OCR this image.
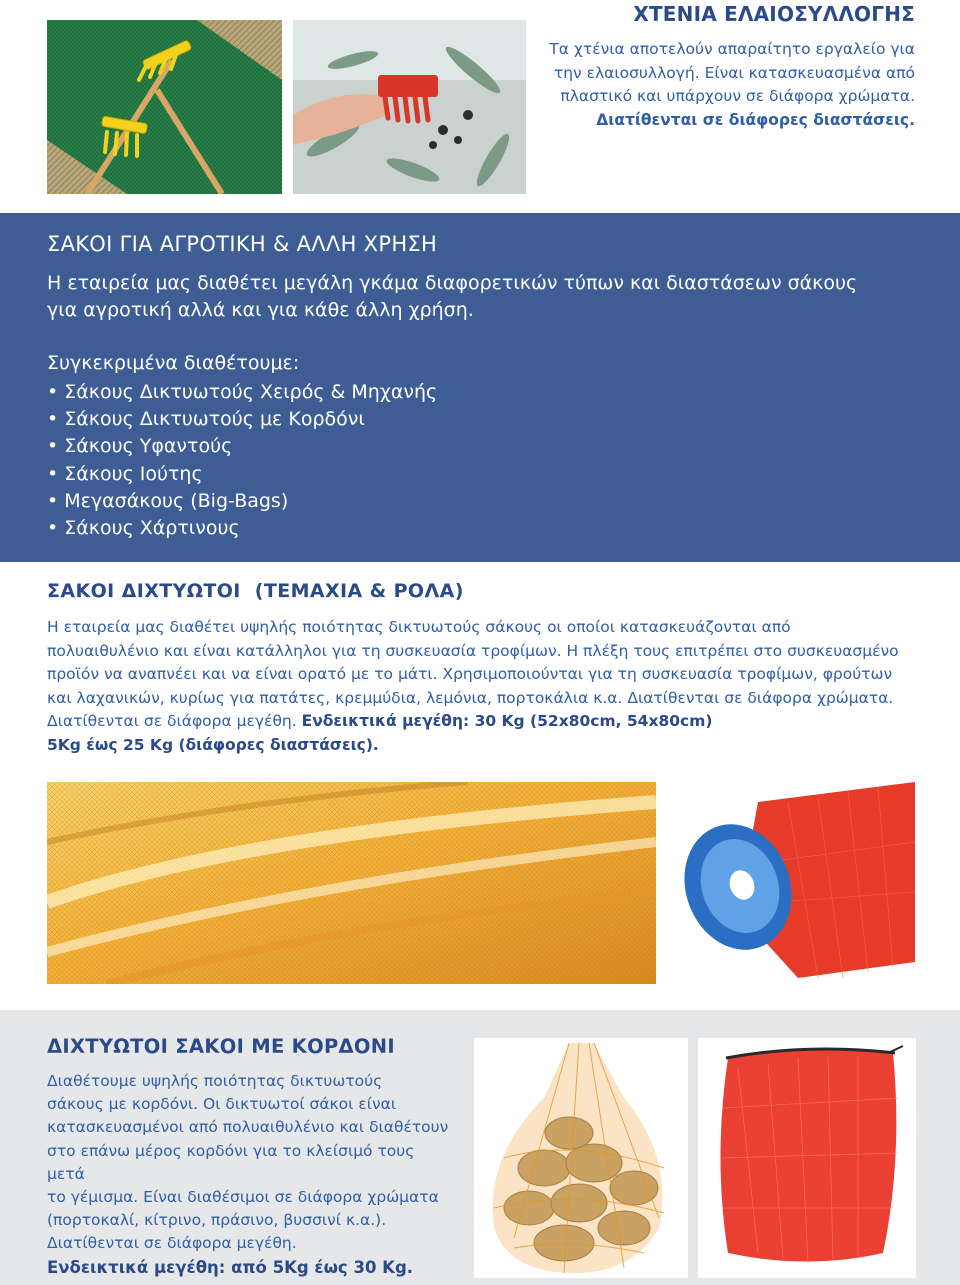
ΧΤΕΝΙΑ ΕΛΑΙΟΣΥΛΛΟΓΗΣ
Τα χτένια αποτελούν απαραίτητο εργαλείο για
την ελαιοσυλλογή. Είναι κατασκευασμένα από
πλαστικό και υπάρχουν σε διάφορα χρώματα.
Διατίθενται σε διάφορες διαστάσεις.
ΣΑΚΟΙ ΓΙΑ ΑΓΡΟΤΙΚΗ & ΑΛΛΗ ΧΡΗΣΗ
Η εταιρεία μας διαθέτει μεγάλη γκάμα διαφορετικών τύπων και διαστάσεων σάκους
για αγροτική αλλά και για κάθε άλλη χρήση.
Συγκεκριμένα διαθέτουμε:
• Σάκους Δικτυωτούς Χειρός & Μηχανής
• Σάκους Δικτυωτούς με Κορδόνι
• Σάκους Υφαντούς
• Σάκους Ιούτης
• Μεγασάκους (Big-Bags)
• Σάκους Χάρτινους
ΣΑΚΟΙ ΔΙΧΤΥΩΤΟΙ  (ΤΕΜΑΧΙΑ & ΡΟΛΑ)
Η εταιρεία μας διαθέτει υψηλής ποιότητας δικτυωτούς σάκους οι οποίοι κατασκευάζονται από
πολυαιθυλένιο και είναι κατάλληλοι για τη συσκευασία τροφίμων. Η πλέξη τους επιτρέπει στο συσκευασμένο
προϊόν να αναπνέει και να είναι ορατό με το μάτι. Χρησιμοποιούνται για τη συσκευασία τροφίμων, φρούτων
και λαχανικών, κυρίως για πατάτες, κρεμμύδια, λεμόνια, πορτοκάλια κ.α. Διατίθενται σε διάφορα χρώματα.
Διατίθενται σε διάφορα μεγέθη. Ενδεικτικά μεγέθη: 30 Kg (52x80cm, 54x80cm)
5Kg έως 25 Kg (διάφορες διαστάσεις).
ΔΙΧΤΥΩΤΟΙ ΣΑΚΟΙ ΜΕ ΚΟΡΔΟΝΙ
Διαθέτουμε υψηλής ποιότητας δικτυωτούς
σάκους με κορδόνι. Οι δικτυωτοί σάκοι είναι
κατασκευασμένοι από πολυαιθυλένιο και διαθέτουν
στο επάνω μέρος κορδόνι για το κλείσιμό τους μετά
το γέμισμα. Είναι διαθέσιμοι σε διάφορα χρώματα
(πορτοκαλί, κίτρινο, πράσινο, βυσσινί κ.α.).
Διατίθενται σε διάφορα μεγέθη.
Ενδεικτικά μεγέθη: από 5Kg έως 30 Kg.
